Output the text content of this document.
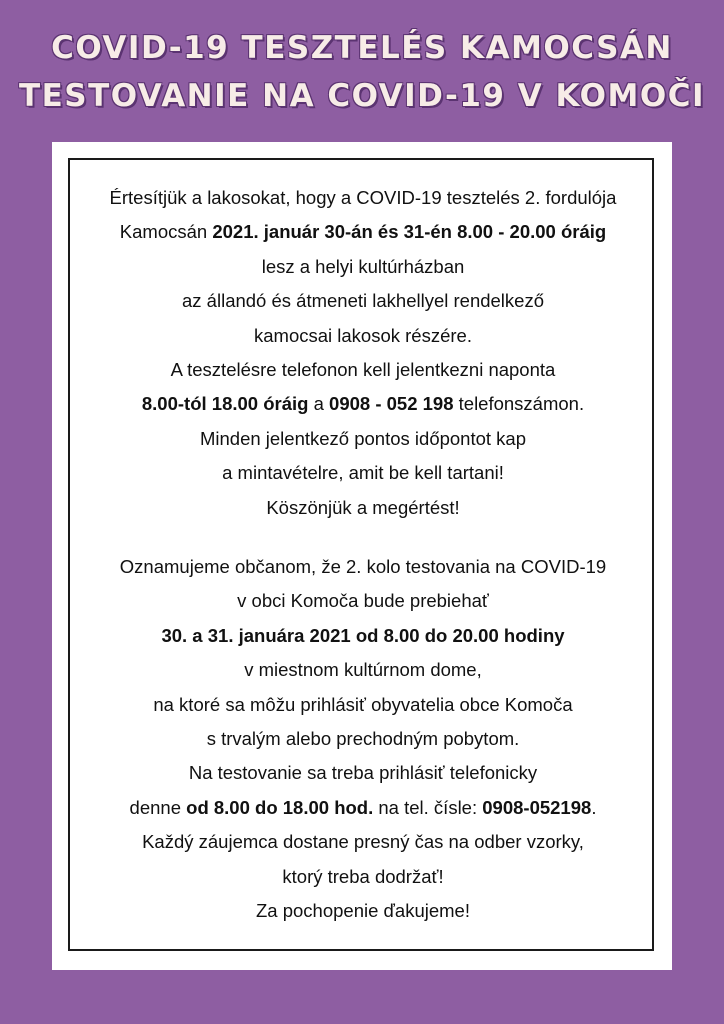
COVID-19 TESZTELÉS KAMOCSÁN
TESTOVANIE NA COVID-19 V KOMOČI
Értesítjük a lakosokat, hogy a COVID-19 tesztelés 2. fordulója
Kamocsán 2021. január 30-án és 31-én 8.00 - 20.00 óráig
lesz a helyi kultúrházban
az állandó és átmeneti lakhellyel rendelkező
kamocsai lakosok részére.
A tesztelésre telefonon kell jelentkezni naponta
8.00-tól 18.00 óráig a 0908 - 052 198 telefonszámon.
Minden jelentkező pontos időpontot kap
a mintavételre, amit be kell tartani!
Köszönjük a megértést!
Oznamujeme občanom, že 2. kolo testovania na COVID-19
v obci Komoča bude prebiehať
30. a 31. januára 2021 od 8.00 do 20.00 hodiny
v miestnom kultúrnom dome,
na ktoré sa môžu prihlásiť obyvatelia obce Komoča
s trvalým alebo prechodným pobytom.
Na testovanie sa treba prihlásiť telefonicky
denne od 8.00 do 18.00 hod. na tel. čísle: 0908-052198.
Každý záujemca dostane presný čas na odber vzorky,
ktorý treba dodržať!
Za pochopenie ďakujeme!
